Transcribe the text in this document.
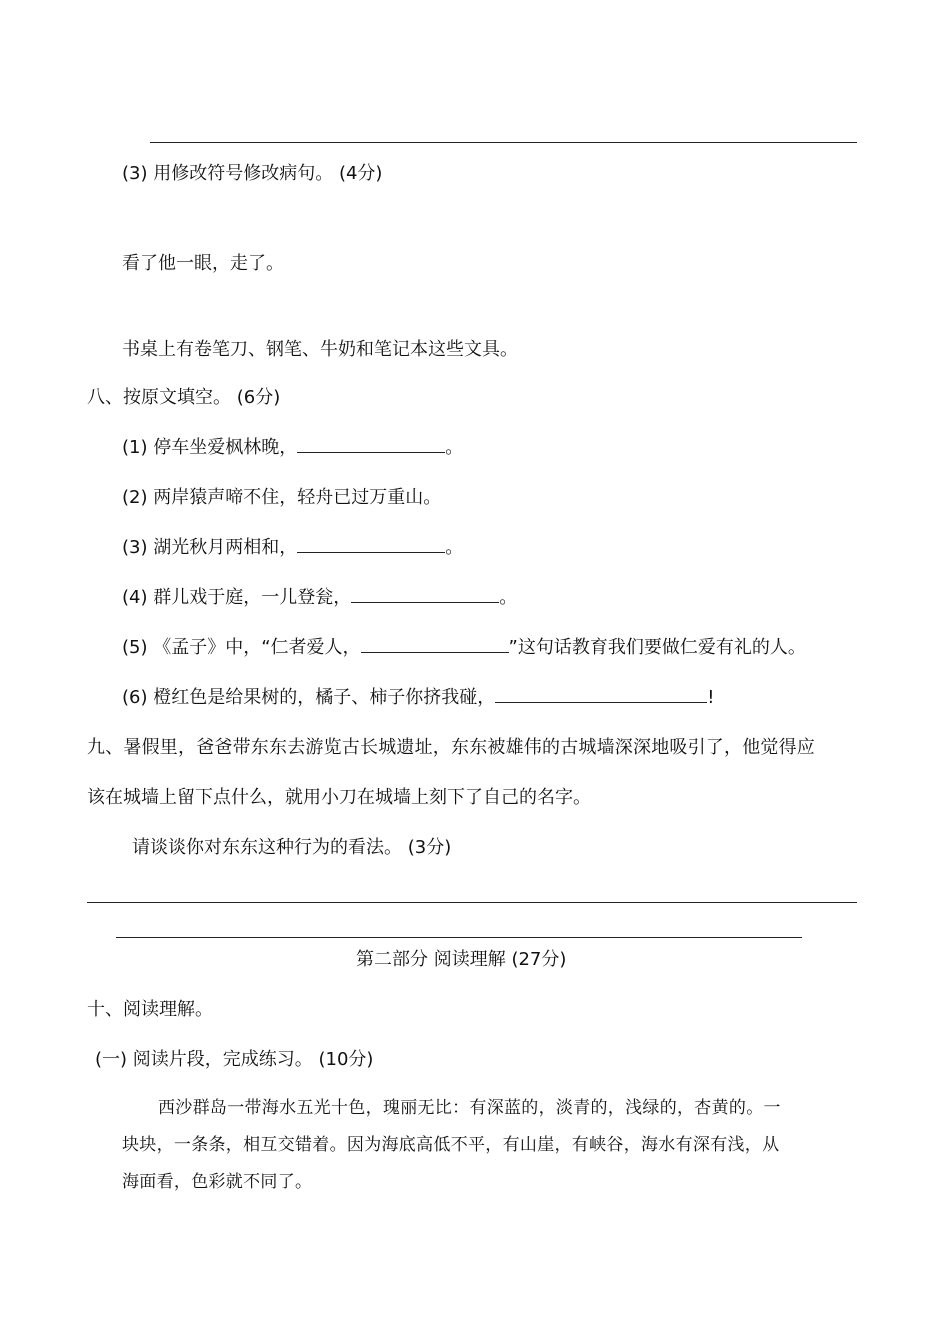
(3) 用修改符号修改病句。 (4分)
看了他一眼，走了。
书桌上有卷笔刀、钢笔、牛奶和笔记本这些文具。
八、按原文填空。 (6分)
(1) 停车坐爱枫林晚，	。
(2) 两岸猿声啼不住，轻舟已过万重山。
(3) 湖光秋月两相和，	。
(4) 群儿戏于庭，一儿登瓮，	。
(5) 《孟子》中，“仁者爱人，	”这句话教育我们要做仁爱有礼的人。
(6) 橙红色是给果树的，橘子、柿子你挤我碰，	!
九、暑假里，爸爸带东东去游览古长城遗址，东东被雄伟的古城墙深深地吸引了，他觉得应
该在城墙上留下点什么，就用小刀在城墙上刻下了自己的名字。
请谈谈你对东东这种行为的看法。 (3分)
第二部分 阅读理解 (27分)
十、阅读理解。
(一) 阅读片段，完成练习。 (10分)
西沙群岛一带海水五光十色，瑰丽无比：有深蓝的，淡青的，浅绿的，杏黄的。一
块块，一条条，相互交错着。因为海底高低不平，有山崖，有峡谷，海水有深有浅，从
海面看，色彩就不同了。
